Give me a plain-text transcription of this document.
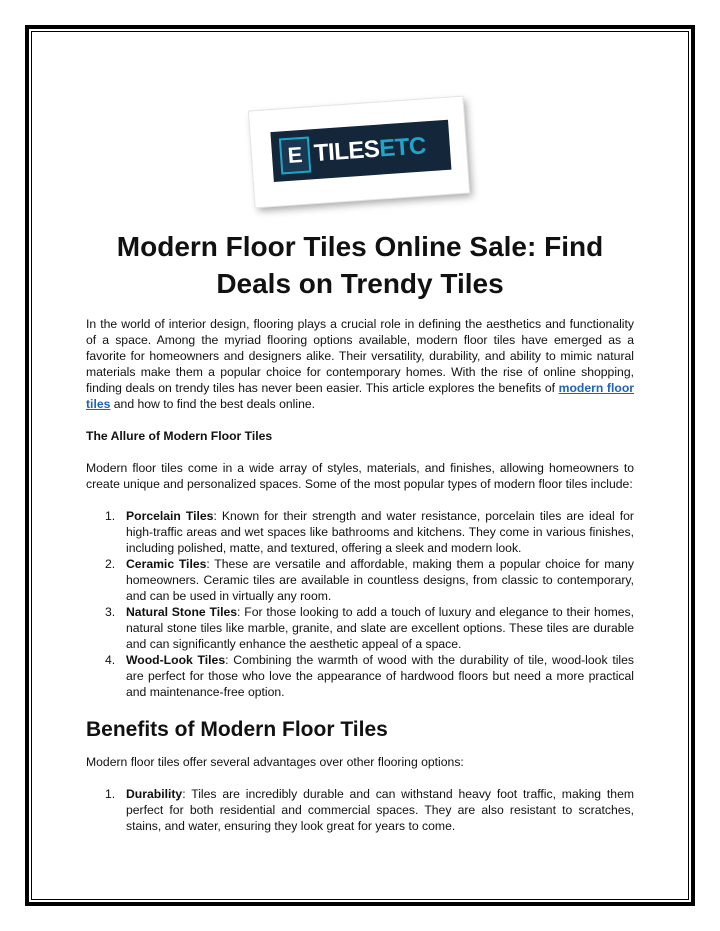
E TILESETC
Modern Floor Tiles Online Sale: Find Deals on Trendy Tiles

In the world of interior design, flooring plays a crucial role in defining the aesthetics and functionality of a space. Among the myriad flooring options available, modern floor tiles have emerged as a favorite for homeowners and designers alike. Their versatility, durability, and ability to mimic natural materials make them a popular choice for contemporary homes. With the rise of online shopping, finding deals on trendy tiles has never been easier. This article explores the benefits of modern floor tiles and how to find the best deals online.

The Allure of Modern Floor Tiles

Modern floor tiles come in a wide array of styles, materials, and finishes, allowing homeowners to create unique and personalized spaces. Some of the most popular types of modern floor tiles include:

1. Porcelain Tiles: Known for their strength and water resistance, porcelain tiles are ideal for high-traffic areas and wet spaces like bathrooms and kitchens. They come in various finishes, including polished, matte, and textured, offering a sleek and modern look.
2. Ceramic Tiles: These are versatile and affordable, making them a popular choice for many homeowners. Ceramic tiles are available in countless designs, from classic to contemporary, and can be used in virtually any room.
3. Natural Stone Tiles: For those looking to add a touch of luxury and elegance to their homes, natural stone tiles like marble, granite, and slate are excellent options. These tiles are durable and can significantly enhance the aesthetic appeal of a space.
4. Wood-Look Tiles: Combining the warmth of wood with the durability of tile, wood-look tiles are perfect for those who love the appearance of hardwood floors but need a more practical and maintenance-free option.
Benefits of Modern Floor Tiles

Modern floor tiles offer several advantages over other flooring options:

1. Durability: Tiles are incredibly durable and can withstand heavy foot traffic, making them perfect for both residential and commercial spaces. They are also resistant to scratches, stains, and water, ensuring they look great for years to come.
